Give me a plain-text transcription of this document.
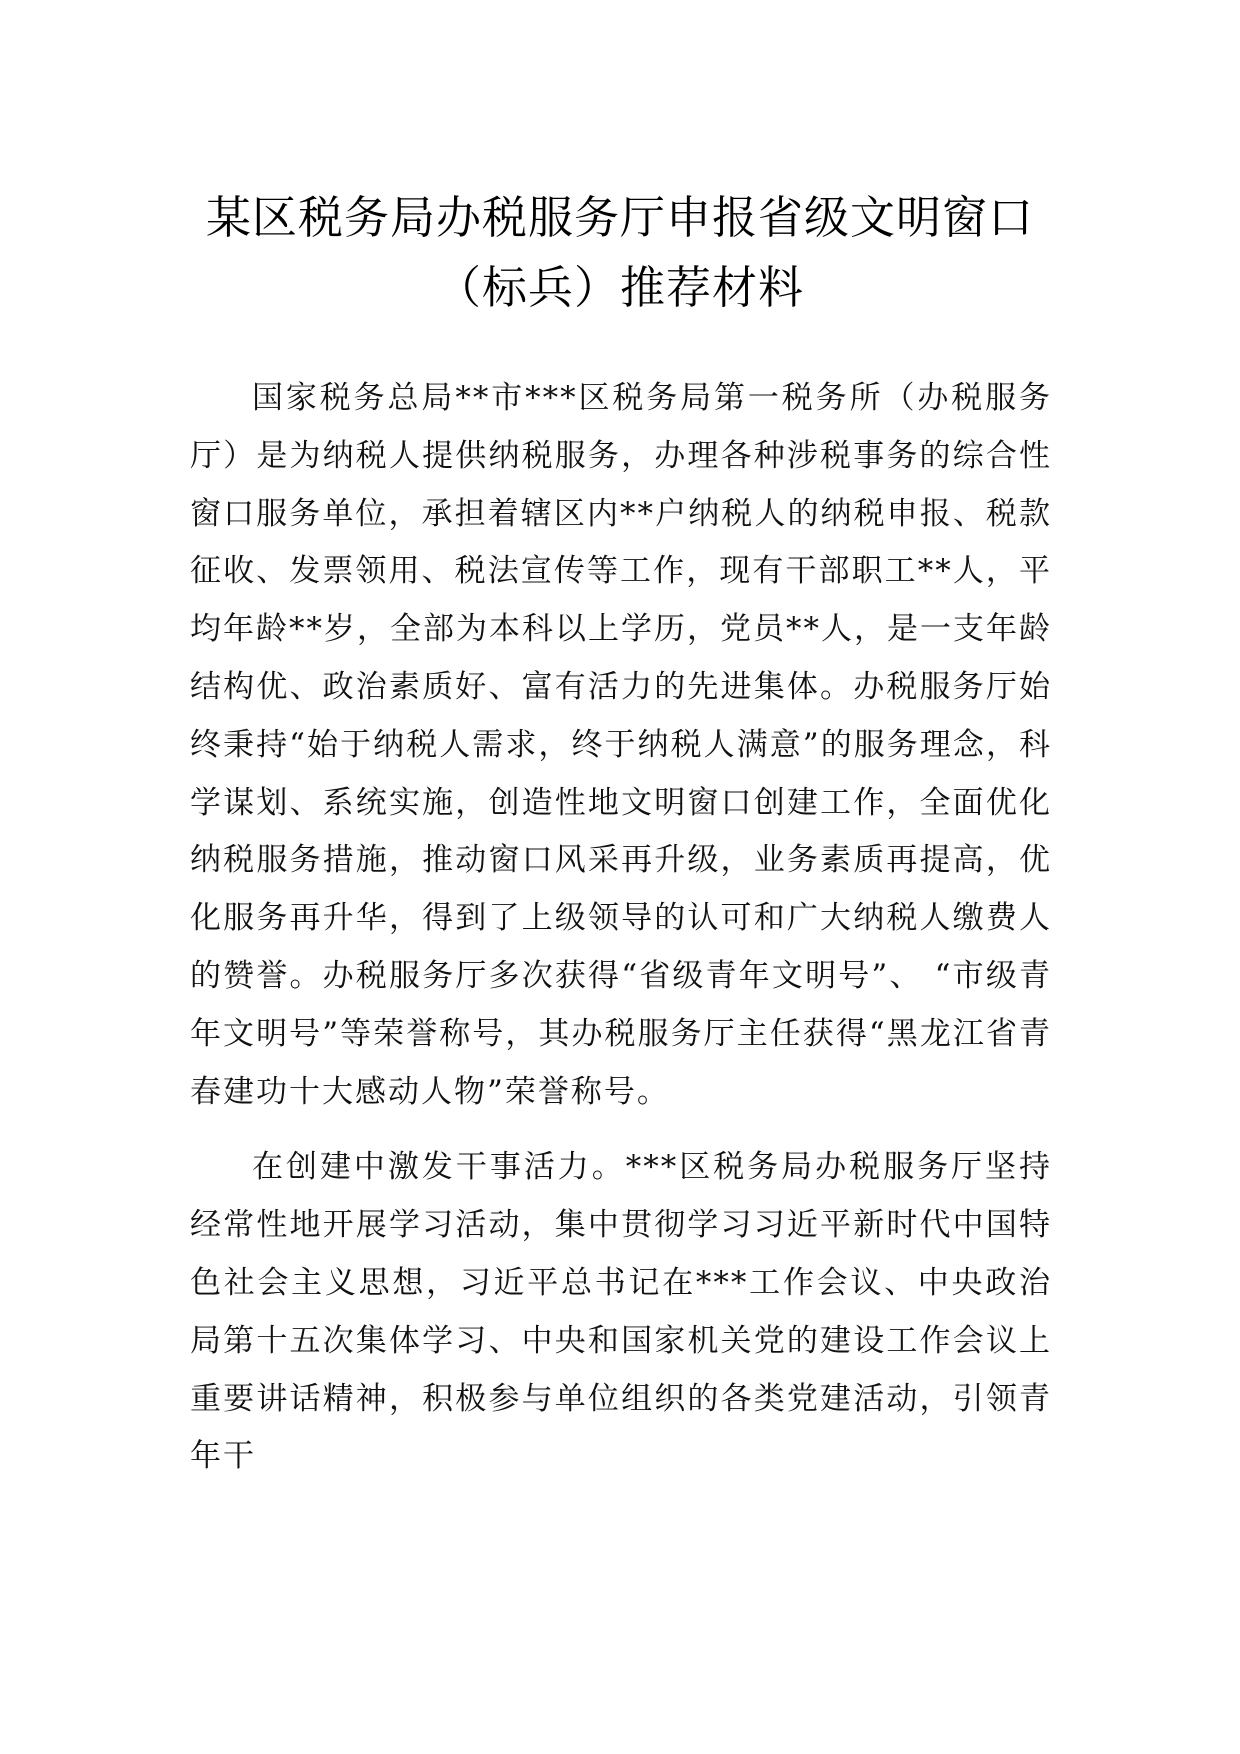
某区税务局办税服务厅申报省级文明窗口
（标兵）推荐材料

国家税务总局**市***区税务局第一税务所（办税服务厅）是为纳税人提供纳税服务，办理各种涉税事务的综合性窗口服务单位，承担着辖区内**户纳税人的纳税申报、税款征收、发票领用、税法宣传等工作，现有干部职工**人，平均年龄**岁，全部为本科以上学历，党员**人，是一支年龄结构优、政治素质好、富有活力的先进集体。办税服务厅始终秉持“始于纳税人需求，终于纳税人满意”的服务理念，科学谋划、系统实施，创造性地文明窗口创建工作，全面优化纳税服务措施，推动窗口风采再升级，业务素质再提高，优化服务再升华，得到了上级领导的认可和广大纳税人缴费人的赞誉。办税服务厅多次获得“省级青年文明号”、 “市级青年文明号”等荣誉称号，其办税服务厅主任获得“黑龙江省青春建功十大感动人物”荣誉称号。

在创建中激发干事活力。***区税务局办税服务厅坚持经常性地开展学习活动，集中贯彻学习习近平新时代中国特色社会主义思想，习近平总书记在***工作会议、中央政治局第十五次集体学习、中央和国家机关党的建设工作会议上重要讲话精神，积极参与单位组织的各类党建活动，引领青年干
